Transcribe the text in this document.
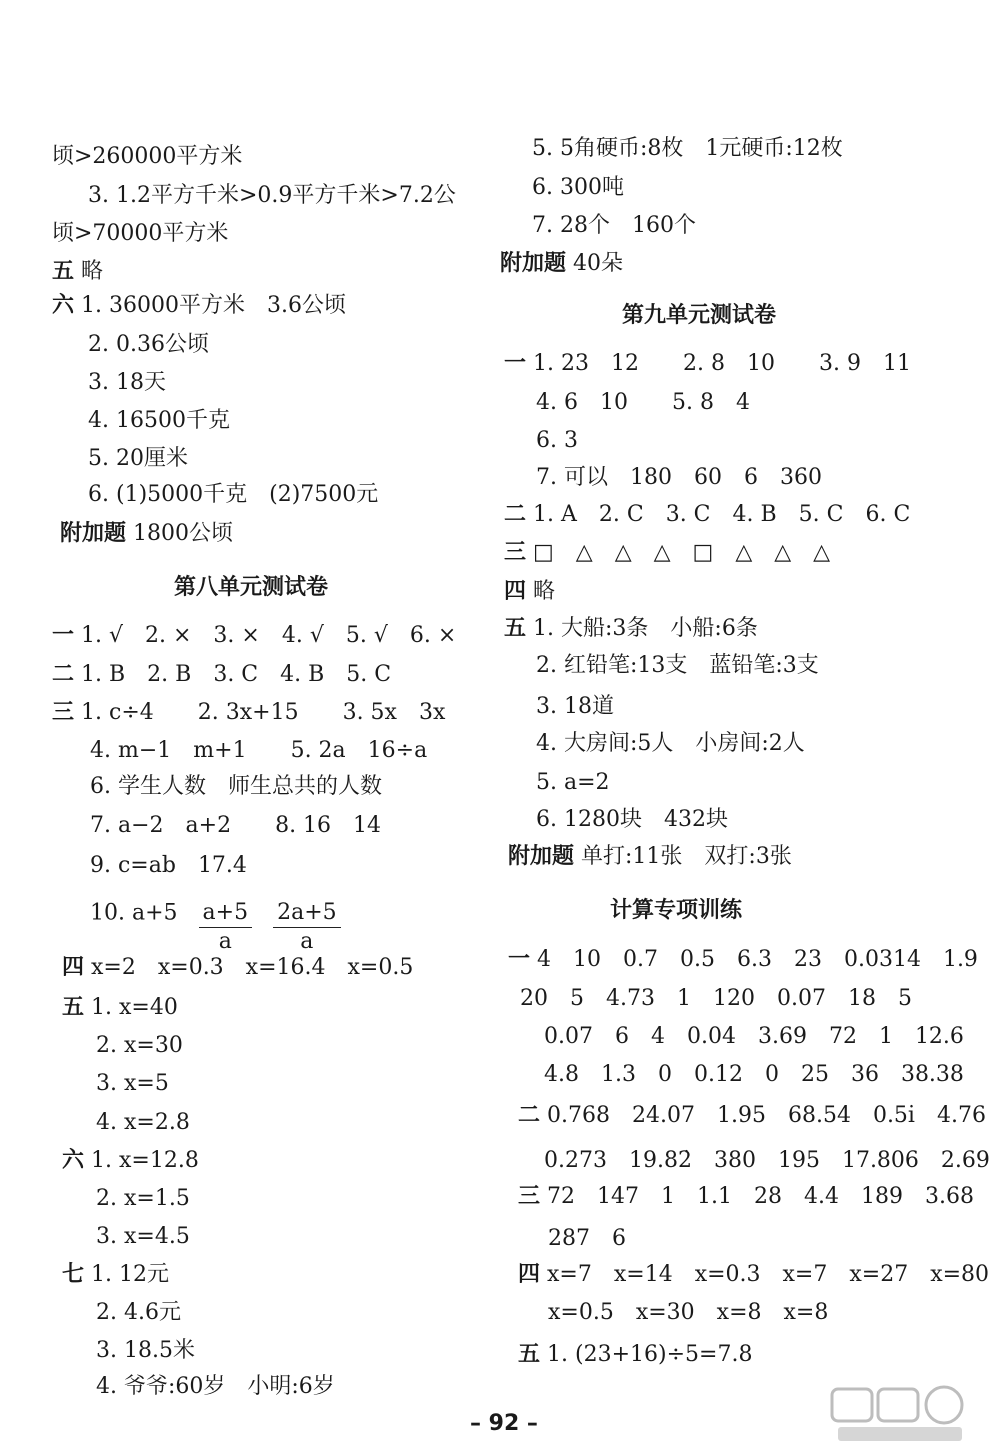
顷>260000平方米
3. 1.2平方千米>0.9平方千米>7.2公
顷>70000平方米
五 略
六 1. 36000平方米　3.6公顷
2. 0.36公顷
3. 18天
4. 16500千克
5. 20厘米
6. (1)5000千克　(2)7500元
附加题 1800公顷
第八单元测试卷
一 1. √　2. ×　3. ×　4. √　5. √　6. ×
二 1. B　2. B　3. C　4. B　5. C
三 1. c÷4　　2. 3x+15　　3. 5x　3x
4. m−1　m+1　　5. 2a　16÷a
6. 学生人数　师生总共的人数
7. a−2　a+2　　8. 16　14
9. c=ab　17.4
10. $a+5 \frac{a+5}{a}$
$\frac{2a+5}{a}$
四 x=2　x=0.3　x=16.4　x=0.5
五 1. x=40
2. x=30
3. x=5
4. x=2.8
六 1. x=12.8
2. x=1.5
3. x=4.5
七 1. 12元
2. 4.6元
3. 18.5米
4. 爷爷:60岁　小明:6岁
5. 5角硬币:8枚　1元硬币:12枚
6. 300吨
7. 28个　160个
附加题 40朵
第九单元测试卷
一 1. 23　12　　2. 8　10　　3. 9　11
4. 6　10　　5. 8　4
6. 3
7. 可以　180　60　6　360
二 1. A　2. C　3. C　4. B　5. C　6. C
三 □　△　△　△　□　△　△　△
四 略
五 1. 大船:3条　小船:6条
2. 红铅笔:13支　蓝铅笔:3支
3. 18道
4. 大房间:5人　小房间:2人
5. a=2
6. 1280块　432块
附加题 单打:11张　双打:3张
计算专项训练
一 4　10　0.7　0.5　6.3　23　0.0314　1.9
20　5　4.73　1　120　0.07　18　5
0.07　6　4　0.04　3.69　72　1　12.6
4.8　1.3　0　0.12　0　25　36　38.38
二 0.768　24.07　1.95　68.54　0.5i̇　4.76
0.273　19.82̇　380　195　17.806　2.69
三 72　147　1　1.1　28　4.4　189　3.68
287　6
四 x=7　x=14　x=0.3　x=7　x=27　x=80
x=0.5　x=30　x=8　x=8
五 1. (23+16)÷5=7.8
– 92 –
